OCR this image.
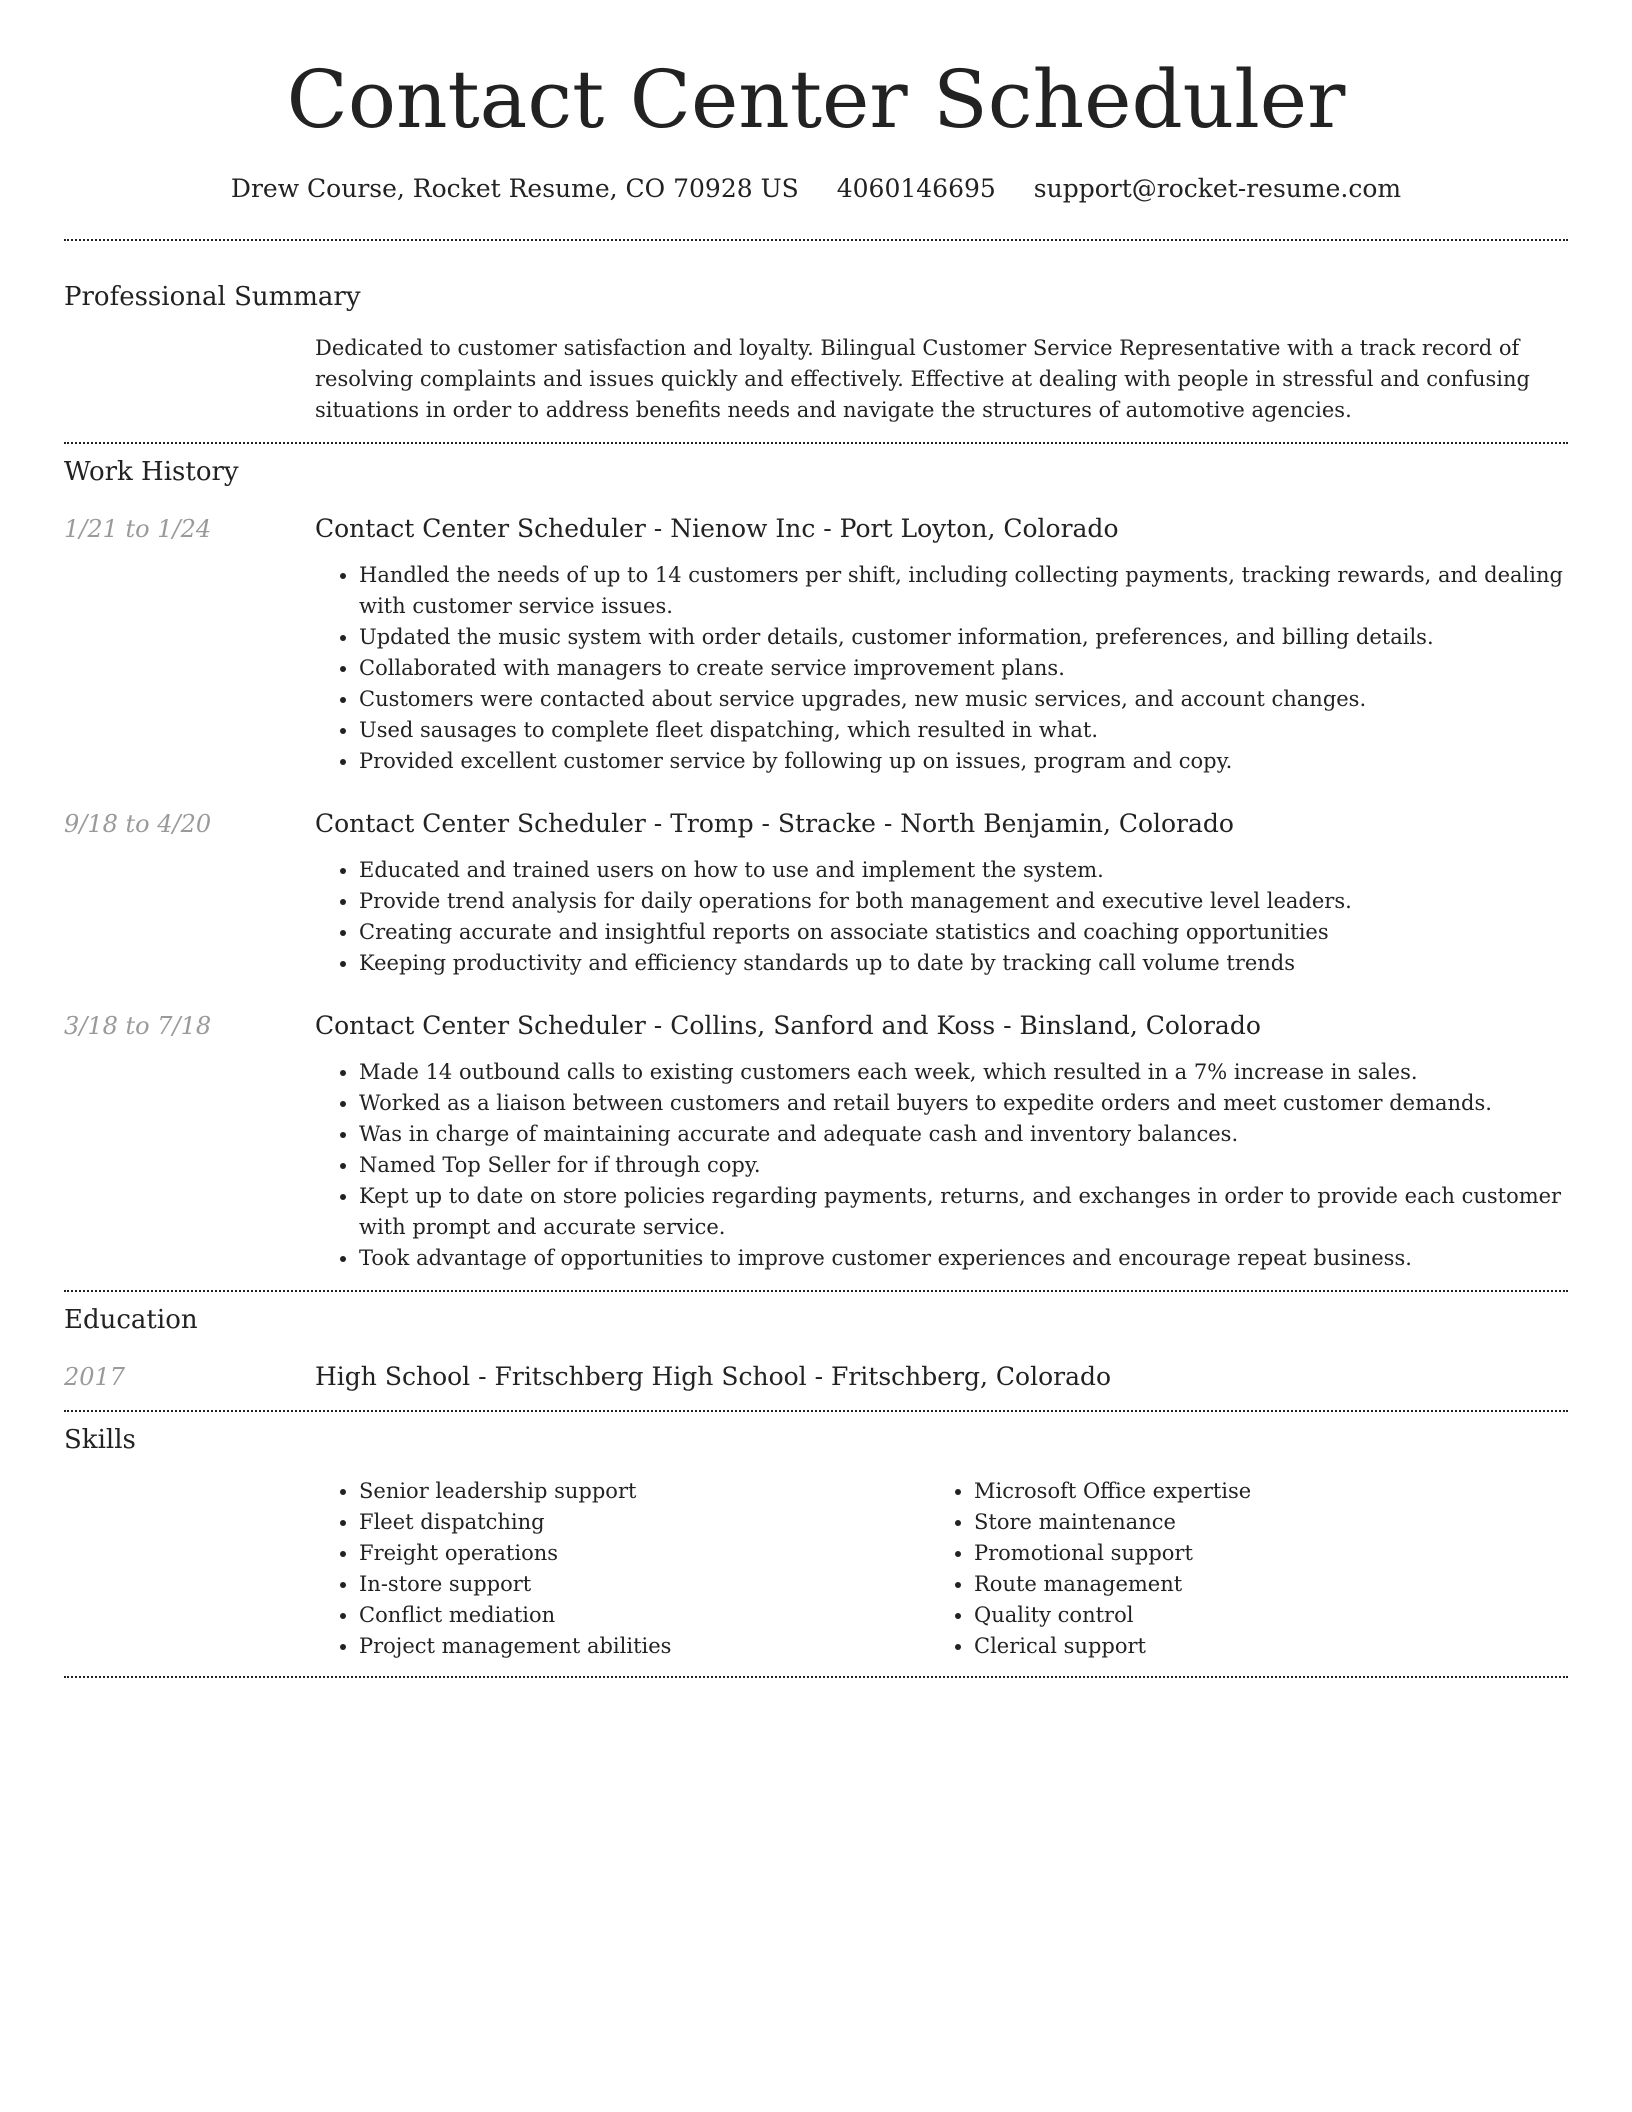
Contact Center Scheduler
Drew Course, Rocket Resume, CO 70928 US 4060146695 support@rocket-resume.com
Professional Summary
Dedicated to customer satisfaction and loyalty. Bilingual Customer Service Representative with a track record of resolving complaints and issues quickly and effectively. Effective at dealing with people in stressful and confusing situations in order to address benefits needs and navigate the structures of automotive agencies.
Work History
1/21 to 1/24	Contact Center Scheduler - Nienow Inc - Port Loyton, Colorado
• Handled the needs of up to 14 customers per shift, including collecting payments, tracking rewards, and dealing with customer service issues.
• Updated the music system with order details, customer information, preferences, and billing details.
• Collaborated with managers to create service improvement plans.
• Customers were contacted about service upgrades, new music services, and account changes.
• Used sausages to complete fleet dispatching, which resulted in what.
• Provided excellent customer service by following up on issues, program and copy.
9/18 to 4/20	Contact Center Scheduler - Tromp - Stracke - North Benjamin, Colorado
• Educated and trained users on how to use and implement the system.
• Provide trend analysis for daily operations for both management and executive level leaders.
• Creating accurate and insightful reports on associate statistics and coaching opportunities
• Keeping productivity and efficiency standards up to date by tracking call volume trends
3/18 to 7/18	Contact Center Scheduler - Collins, Sanford and Koss - Binsland, Colorado
• Made 14 outbound calls to existing customers each week, which resulted in a 7% increase in sales.
• Worked as a liaison between customers and retail buyers to expedite orders and meet customer demands.
• Was in charge of maintaining accurate and adequate cash and inventory balances.
• Named Top Seller for if through copy.
• Kept up to date on store policies regarding payments, returns, and exchanges in order to provide each customer with prompt and accurate service.
• Took advantage of opportunities to improve customer experiences and encourage repeat business.
Education
2017	High School - Fritschberg High School - Fritschberg, Colorado
Skills
• Senior leadership support
• Fleet dispatching
• Freight operations
• In-store support
• Conflict mediation
• Project management abilities
• Microsoft Office expertise
• Store maintenance
• Promotional support
• Route management
• Quality control
• Clerical support
